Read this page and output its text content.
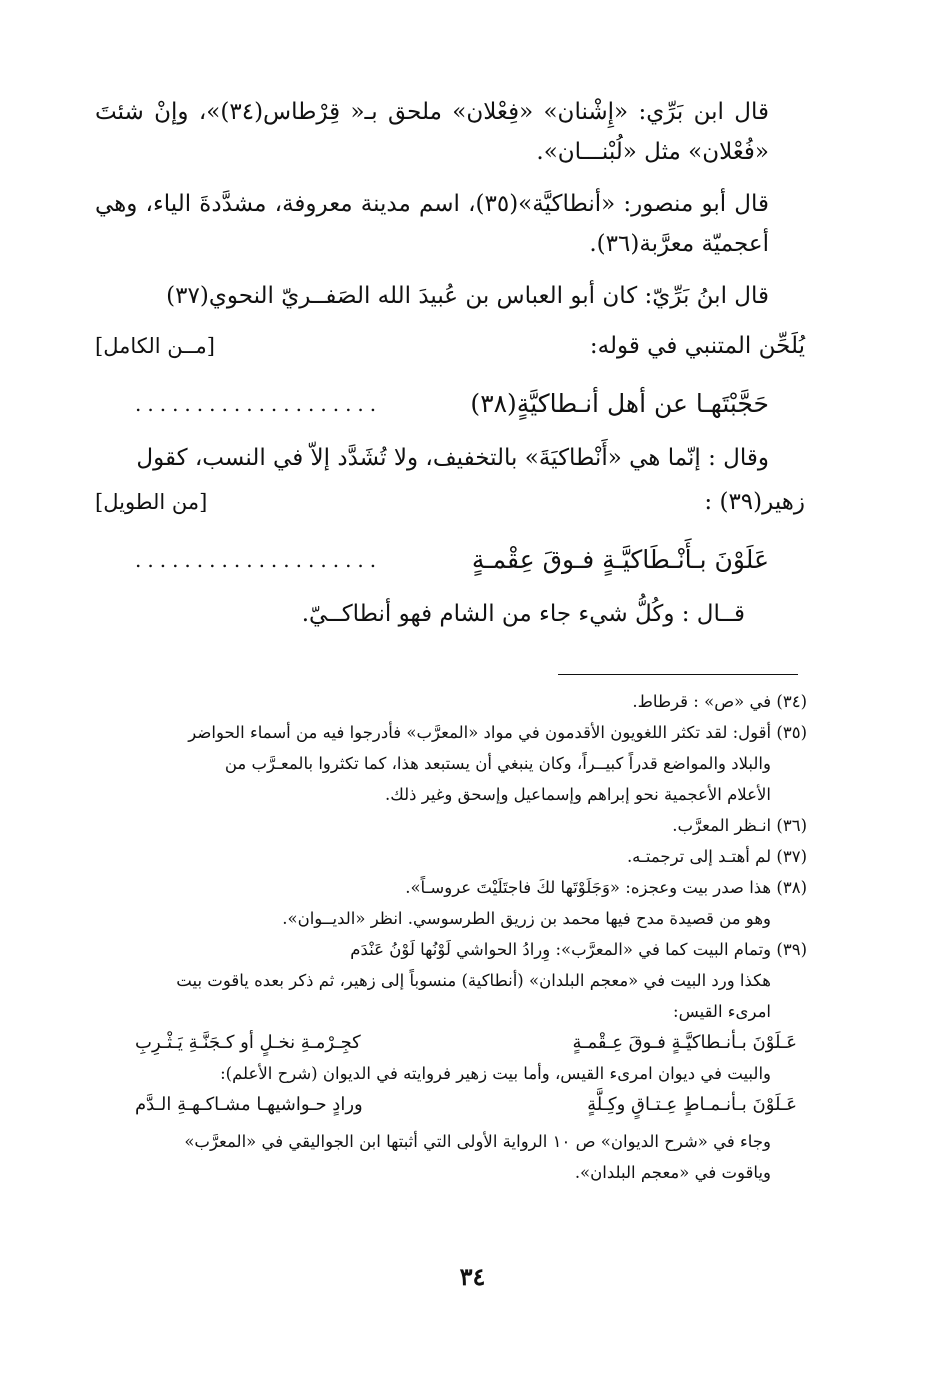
قال ابن بَرِّي: «إِشْنان» «فِعْلان» ملحق بـ« قِرْطاس(٣٤)»، وإنْ شئتَ «فُعْلان» مثل «لُبْنـــان».

قال أبو منصور: «أنطاكيَّة»(٣٥)، اسم مدينة معروفة، مشدَّدةَ الياء، وهي أعجميّة معرَّبة(٣٦).

قال ابنُ بَرِّيّ: كان أبو العباس بن عُبيدَ الله الصَفــريّ النحوي(٣٧)

يُلَحِّن المتنبي في قوله:
[مــن الكامل]
حَجَّبْتَهـا عن أهل أنـطاكيَّةٍ(٣٨)
....................

وقال : إنّما هي «أَنْطاكيَةَ» بالتخفيف، ولا تُشَدَّد إلاّ في النسب، كقول

زهير(٣٩) :
[من الطويل]
عَلَوْنَ بـأَنْـطَاكيَّـةٍ فـوقَ عِقْمـةٍ
....................

قــال : وكُلُّ شيء جاء من الشام فهو أنطاكــيّ.

(٣٤) في «ص» : قرطاط.

(٣٥) أقول: لقد تكثر اللغويون الأقدمون في مواد «المعرَّب» فأدرجوا فيه من أسماء الحواضر

والبلاد والمواضع قدراً كبيــراً، وكان ينبغي أن يستبعد هذا، كما تكثروا بالمعـرَّب من

الأعلام الأعجمية نحو إبراهم وإسماعيل وإسحق وغير ذلك.

(٣٦) انـظر المعرَّب.

(٣٧) لم أهتـد إلى ترجمتـه.

(٣٨) هذا صدر بيت وعجزه: «وَجَلَوْتَها لكَ فاجتَلَيْتَ عروسـاً».

وهو من قصيدة مدح فيها محمد بن زريق الطرسوسي. انظر «الديــوان».

(٣٩) وتمام البيت كما في «المعرَّب»: وِرادُ الحواشي لَوْنُها لَوْنُ عَنْدَم

هكذا ورد البيت في «معجم البلدان» (أنطاكية) منسوباً إلى زهير، ثم ذكر بعده ياقوت بيت

امرىء القيس:

عَـلَوْنَ بـأنـطاكيَّـةٍ فـوقَ عِـقْمـةٍ
كجِـرْمـةِ نخـلٍ أو كـجَنَّـةِ يَـثْـرِبِ

والبيت في ديوان امرىء القيس، وأما بيت زهير فروايته في الديوان (شرح الأعلم):

عَـلَوْنَ بـأنـمـاطٍ عِـتـاقٍ وكِـلَّةٍ
ورادٍ حـواشيهـا مشـاكـهـةِ الـدَّم

وجاء في «شرح الديوان» ص ١٠ الرواية الأولى التي أثبتها ابن الجواليقي في «المعرَّب»

وياقوت في «معجم البلدان».

٣٤
